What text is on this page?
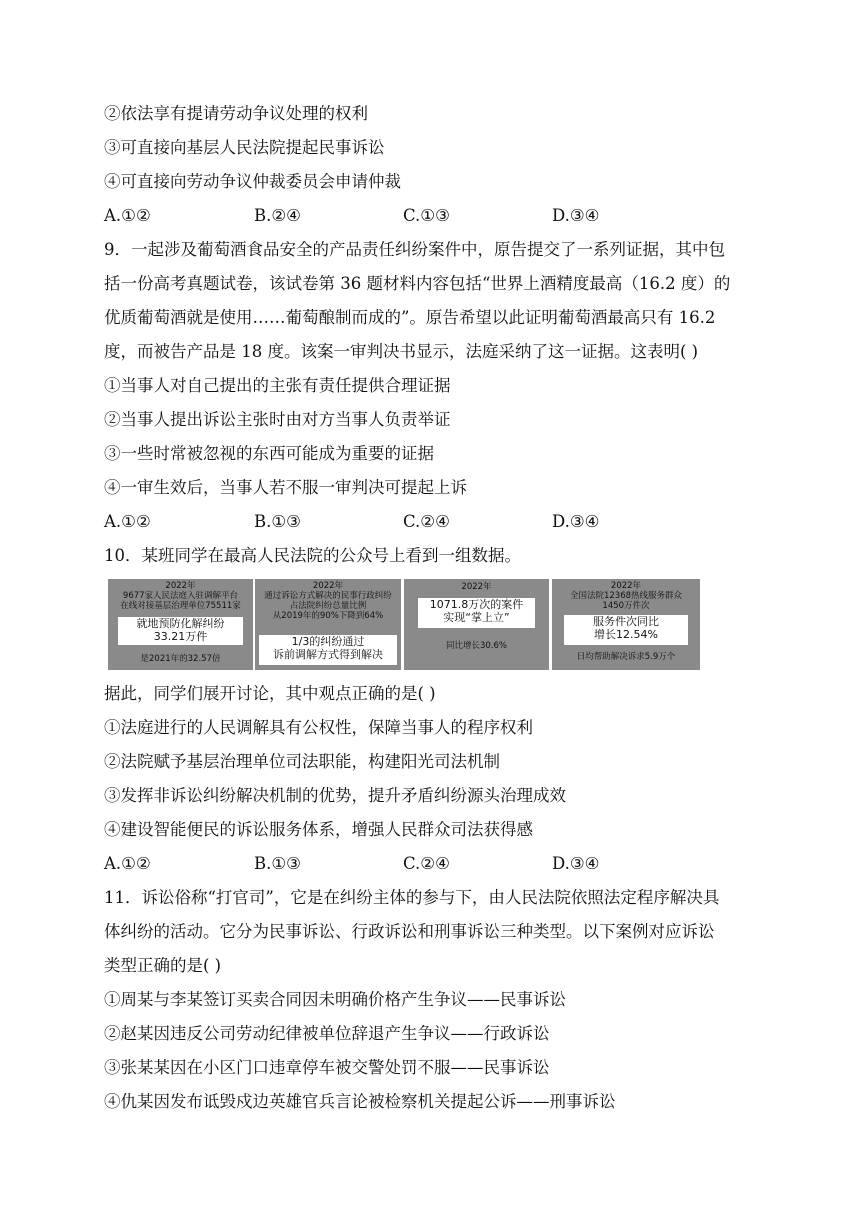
②依法享有提请劳动争议处理的权利
③可直接向基层人民法院提起民事诉讼
④可直接向劳动争议仲裁委员会申请仲裁
A.①②	B.②④	C.①③	D.③④
9．一起涉及葡萄酒食品安全的产品责任纠纷案件中，原告提交了一系列证据，其中包
括一份高考真题试卷，该试卷第 36 题材料内容包括“世界上酒精度最高（16.2 度）的
优质葡萄酒就是使用……葡萄酿制而成的”。原告希望以此证明葡萄酒最高只有 16.2
度，而被告产品是 18 度。该案一审判决书显示，法庭采纳了这一证据。这表明( )
①当事人对自己提出的主张有责任提供合理证据
②当事人提出诉讼主张时由对方当事人负责举证
③一些时常被忽视的东西可能成为重要的证据
④一审生效后，当事人若不服一审判决可提起上诉
A.①②	B.①③	C.②④	D.③④
10．某班同学在最高人民法院的公众号上看到一组数据。
2022年
9677家人民法庭入驻调解平台
在线对接基层治理单位75511家
就地预防化解纠纷
33.21万件
是2021年的32.57倍
2022年
通过诉讼方式解决的民事行政纠纷
占法院纠纷总量比例
从2019年的90%下降到64%
1/3的纠纷通过
诉前调解方式得到解决
2022年
1071.8万次的案件
实现“掌上立”
同比增长30.6%
2022年
全国法院12368热线服务群众
1450万件次
服务件次同比
增长12.54%
日均帮助解决诉求5.9万个
据此，同学们展开讨论，其中观点正确的是( )
①法庭进行的人民调解具有公权性，保障当事人的程序权利
②法院赋予基层治理单位司法职能，构建阳光司法机制
③发挥非诉讼纠纷解决机制的优势，提升矛盾纠纷源头治理成效
④建设智能便民的诉讼服务体系，增强人民群众司法获得感
A.①②	B.①③	C.②④	D.③④
11．诉讼俗称“打官司”，它是在纠纷主体的参与下，由人民法院依照法定程序解决具
体纠纷的活动。它分为民事诉讼、行政诉讼和刑事诉讼三种类型。以下案例对应诉讼
类型正确的是( )
①周某与李某签订买卖合同因未明确价格产生争议——民事诉讼
②赵某因违反公司劳动纪律被单位辞退产生争议——行政诉讼
③张某某因在小区门口违章停车被交警处罚不服——民事诉讼
④仇某因发布诋毁戍边英雄官兵言论被检察机关提起公诉——刑事诉讼
